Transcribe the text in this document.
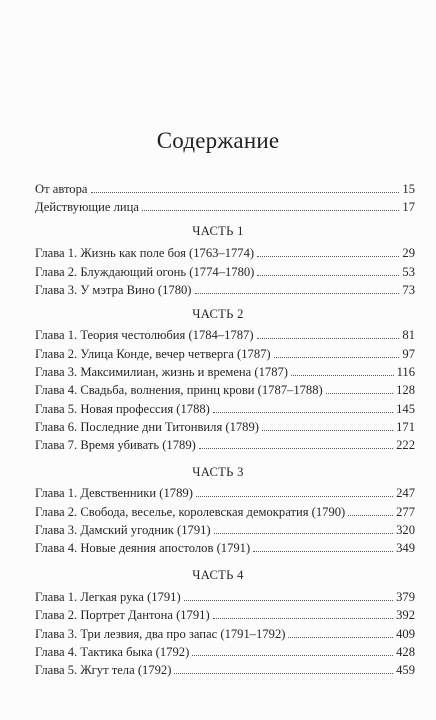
Содержание
От автора	15
Действующие лица	17
ЧАСТЬ 1
Глава 1. Жизнь как поле боя (1763–1774)	29
Глава 2. Блуждающий огонь (1774–1780)	53
Глава 3. У мэтра Вино (1780)	73
ЧАСТЬ 2
Глава 1. Теория честолюбия (1784–1787)	81
Глава 2. Улица Конде, вечер четверга (1787)	97
Глава 3. Максимилиан, жизнь и времена (1787)	116
Глава 4. Свадьба, волнения, принц крови (1787–1788)	128
Глава 5. Новая профессия (1788)	145
Глава 6. Последние дни Титонвиля (1789)	171
Глава 7. Время убивать (1789)	222
ЧАСТЬ 3
Глава 1. Девственники (1789)	247
Глава 2. Свобода, веселье, королевская демократия (1790)	277
Глава 3. Дамский угодник (1791)	320
Глава 4. Новые деяния апостолов (1791)	349
ЧАСТЬ 4
Глава 1. Легкая рука (1791)	379
Глава 2. Портрет Дантона (1791)	392
Глава 3. Три лезвия, два про запас (1791–1792)	409
Глава 4. Тактика быка (1792)	428
Глава 5. Жгут тела (1792)	459
